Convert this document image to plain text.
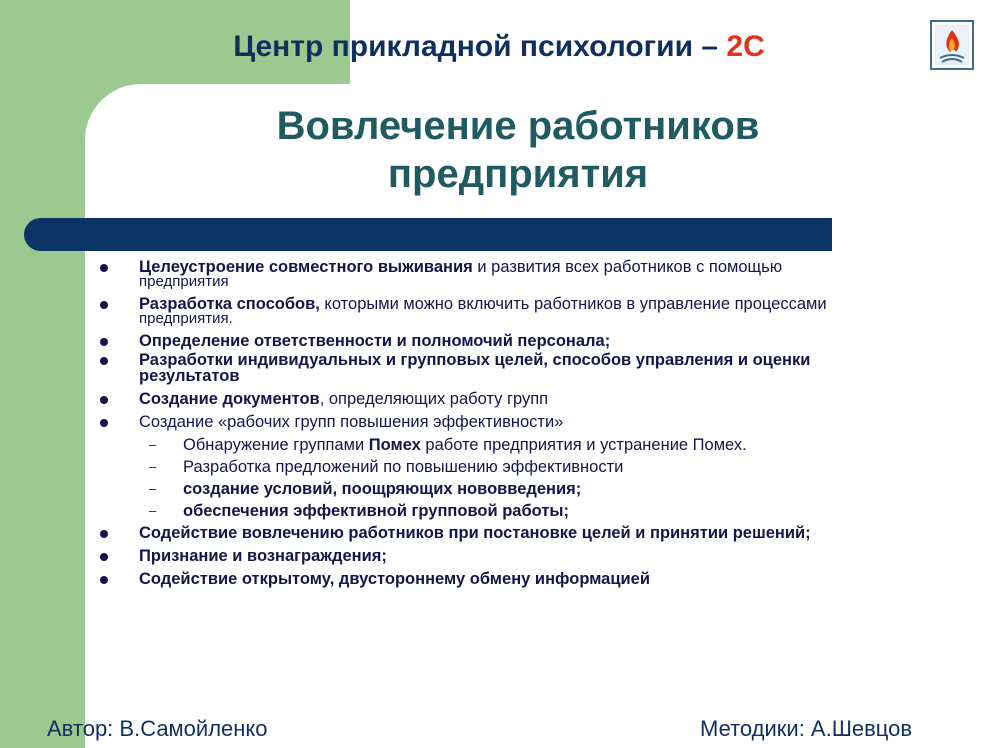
Центр прикладной психологии – 2С
Вовлечение работников
предприятия
Целеустроение совместного выживания и развития всех работников с помощью
предприятия
Разработка способов, которыми можно включить работников в управление процессами
предприятия.
Определение ответственности и полномочий персонала;
Разработки индивидуальных и групповых целей, способов управления и оценки
результатов
Создание документов, определяющих работу групп
Создание «рабочих групп повышения эффективности»
– Обнаружение группами Помех работе предприятия и устранение Помех.
– Разработка предложений по повышению эффективности
– создание условий, поощряющих нововведения;
– обеспечения эффективной групповой работы;
Содействие вовлечению работников при постановке целей и принятии решений;
Признание и вознаграждения;
Содействие открытому, двустороннему обмену информацией
Автор: В.Самойленко	Методики: А.Шевцов
